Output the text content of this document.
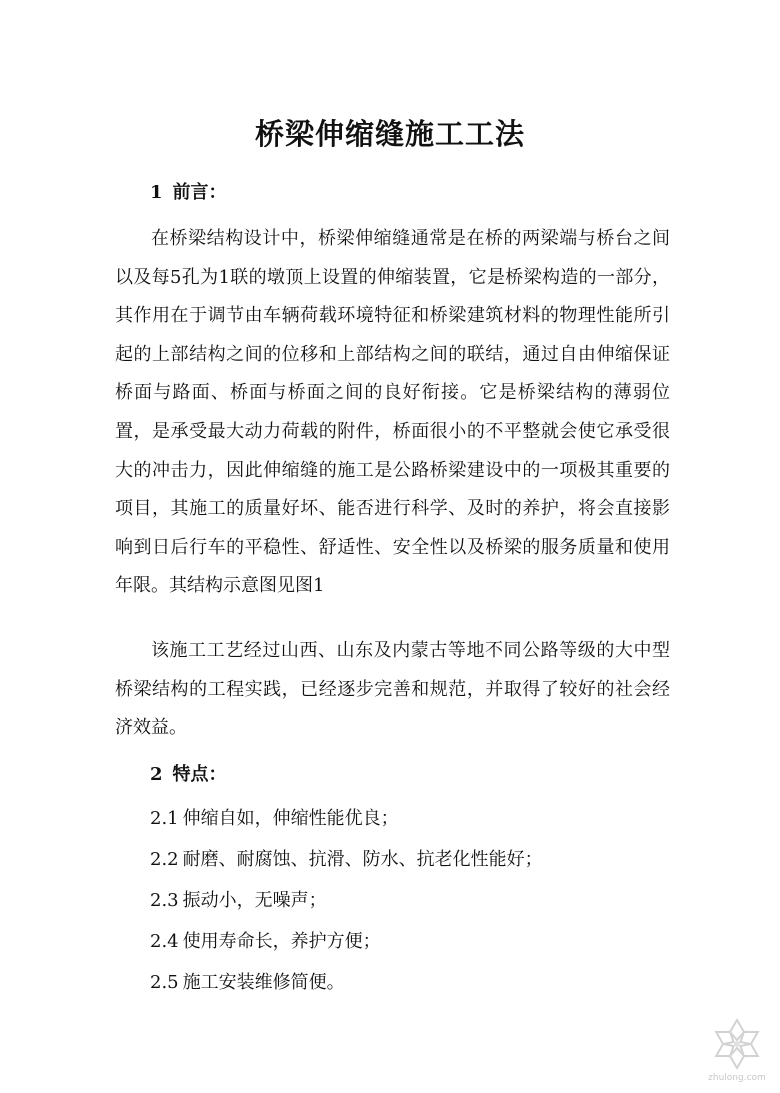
桥梁伸缩缝施工工法
1 前言：

在桥梁结构设计中，桥梁伸缩缝通常是在桥的两梁端与桥台之间以及每5孔为1联的墩顶上设置的伸缩装置，它是桥梁构造的一部分，其作用在于调节由车辆荷载环境特征和桥梁建筑材料的物理性能所引起的上部结构之间的位移和上部结构之间的联结，通过自由伸缩保证桥面与路面、桥面与桥面之间的良好衔接。它是桥梁结构的薄弱位置，是承受最大动力荷载的附件，桥面很小的不平整就会使它承受很大的冲击力，因此伸缩缝的施工是公路桥梁建设中的一项极其重要的项目，其施工的质量好坏、能否进行科学、及时的养护，将会直接影响到日后行车的平稳性、舒适性、安全性以及桥梁的服务质量和使用年限。其结构示意图见图1

该施工工艺经过山西、山东及内蒙古等地不同公路等级的大中型桥梁结构的工程实践，已经逐步完善和规范，并取得了较好的社会经济效益。

2 特点：
2.1 伸缩自如，伸缩性能优良；
2.2 耐磨、耐腐蚀、抗滑、防水、抗老化性能好；
2.3 振动小，无噪声；
2.4 使用寿命长，养护方便；
2.5 施工安装维修简便。
zhulong.com
